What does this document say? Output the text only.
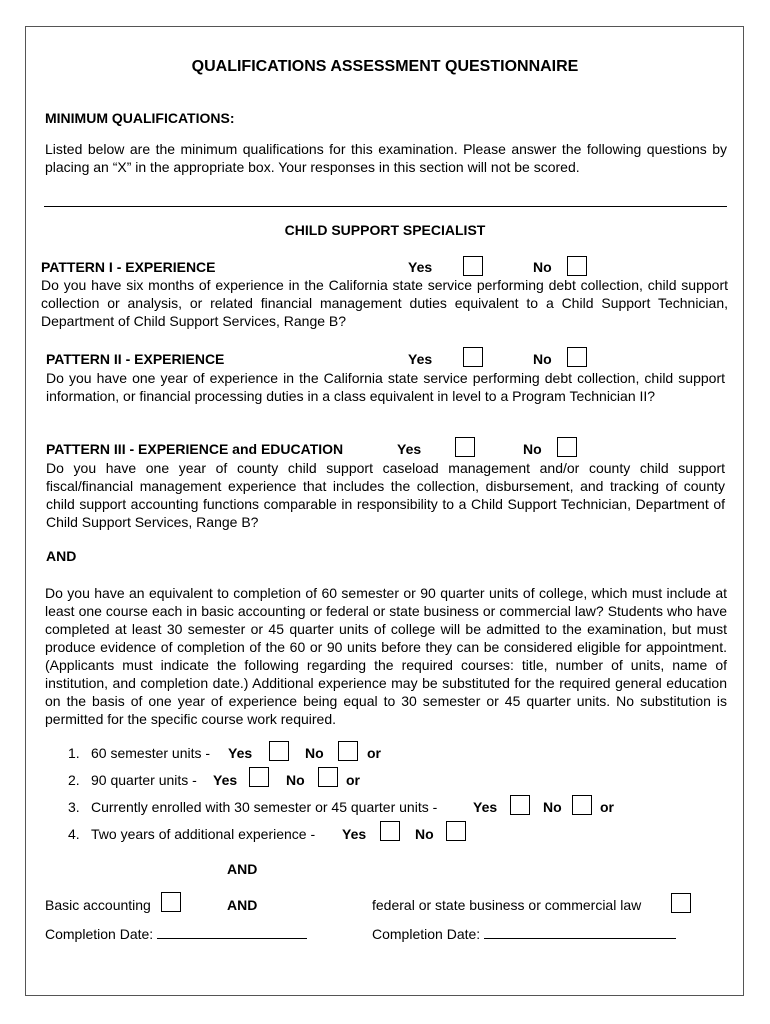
QUALIFICATIONS ASSESSMENT QUESTIONNAIRE
MINIMUM QUALIFICATIONS:
Listed below are the minimum qualifications for this examination. Please answer the following questions by placing an “X” in the appropriate box. Your responses in this section will not be scored.
CHILD SUPPORT SPECIALIST
PATTERN I - EXPERIENCE	Yes	No
Do you have six months of experience in the California state service performing debt collection, child support collection or analysis, or related financial management duties equivalent to a Child Support Technician, Department of Child Support Services, Range B?
PATTERN II - EXPERIENCE	Yes	No
Do you have one year of experience in the California state service performing debt collection, child support information, or financial processing duties in a class equivalent in level to a Program Technician II?
PATTERN III - EXPERIENCE and EDUCATION	Yes	No
Do you have one year of county child support caseload management and/or county child support fiscal/financial management experience that includes the collection, disbursement, and tracking of county child support accounting functions comparable in responsibility to a Child Support Technician, Department of Child Support Services, Range B?
AND
Do you have an equivalent to completion of 60 semester or 90 quarter units of college, which must include at least one course each in basic accounting or federal or state business or commercial law? Students who have completed at least 30 semester or 45 quarter units of college will be admitted to the examination, but must produce evidence of completion of the 60 or 90 units before they can be considered eligible for appointment. (Applicants must indicate the following regarding the required courses: title, number of units, name of institution, and completion date.) Additional experience may be substituted for the required general education on the basis of one year of experience being equal to 30 semester or 45 quarter units. No substitution is permitted for the specific course work required.
1. 60 semester units - Yes	No	or
2. 90 quarter units - Yes	No	or
3. Currently enrolled with 30 semester or 45 quarter units -	Yes	No	or
4. Two years of additional experience - Yes	No
AND
Basic accounting	AND	federal or state business or commercial law
Completion Date:	Completion Date:
